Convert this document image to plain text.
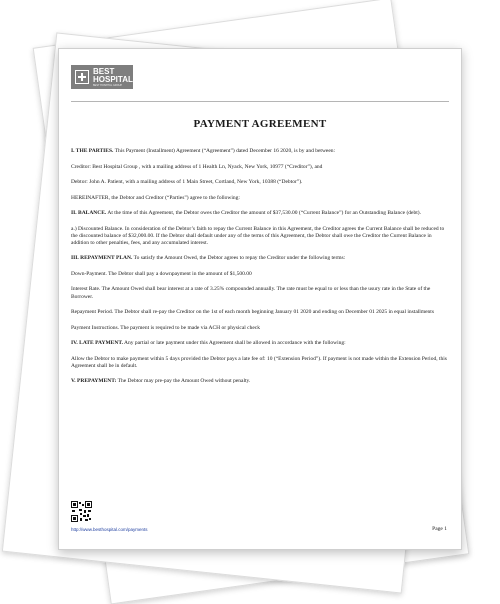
BEST
HOSPITAL
BEST HOSPITAL GROUP
PAYMENT AGREEMENT

I. THE PARTIES. This Payment (Installment) Agreement (“Agreement”) dated December 16 2020, is by and between:

Creditor: Best Hospital Group , with a mailing address of 1 Health Ln, Nyack, New York, 10977 (“Creditor”), and

Debtor: John A. Patient, with a mailing address of 1 Main Street, Cortland, New York, 10388 (“Debtor”).

HEREINAFTER, the Debtor and Creditor (“Parties”) agree to the following:

II. BALANCE. At the time of this Agreement, the Debtor owes the Creditor the amount of $37,530.00 (“Current Balance”) for an Outstanding Balance (debt).

a.) Discounted Balance. In consideration of the Debtor’s faith to repay the Current Balance in this Agreement, the Creditor agrees the Current Balance shall be reduced to the discounted balance of $32,000.00. If the Debtor shall default under any of the terms of this Agreement, the Debtor shall owe the Creditor the Current Balance in addition to other penalties, fees, and any accumulated interest.

III. REPAYMENT PLAN. To satisfy the Amount Owed, the Debtor agrees to repay the Creditor under the following terms:

Down-Payment. The Debtor shall pay a downpayment in the amount of $1,500.00

Interest Rate. The Amount Owed shall bear interest at a rate of 3.25% compounded annually. The rate must be equal to or less than the usury rate in the State of the Borrower.

Repayment Period. The Debtor shall re-pay the Creditor on the 1st of each month beginning January 01 2020 and ending on December 01 2025 in equal installments

Payment Instructions. The payment is required to be made via ACH or physical check

IV. LATE PAYMENT. Any partial or late payment under this Agreement shall be allowed in accordance with the following:

Allow the Debtor to make payment within 5 days provided the Debtor pays a late fee of: 10 (“Extension Period”). If payment is not made within the Extension Period, this Agreement shall be in default.

V. PREPAYMENT: The Debtor may pre-pay the Amount Owed without penalty.

http://www.besthospital.com/payments	Page 1
